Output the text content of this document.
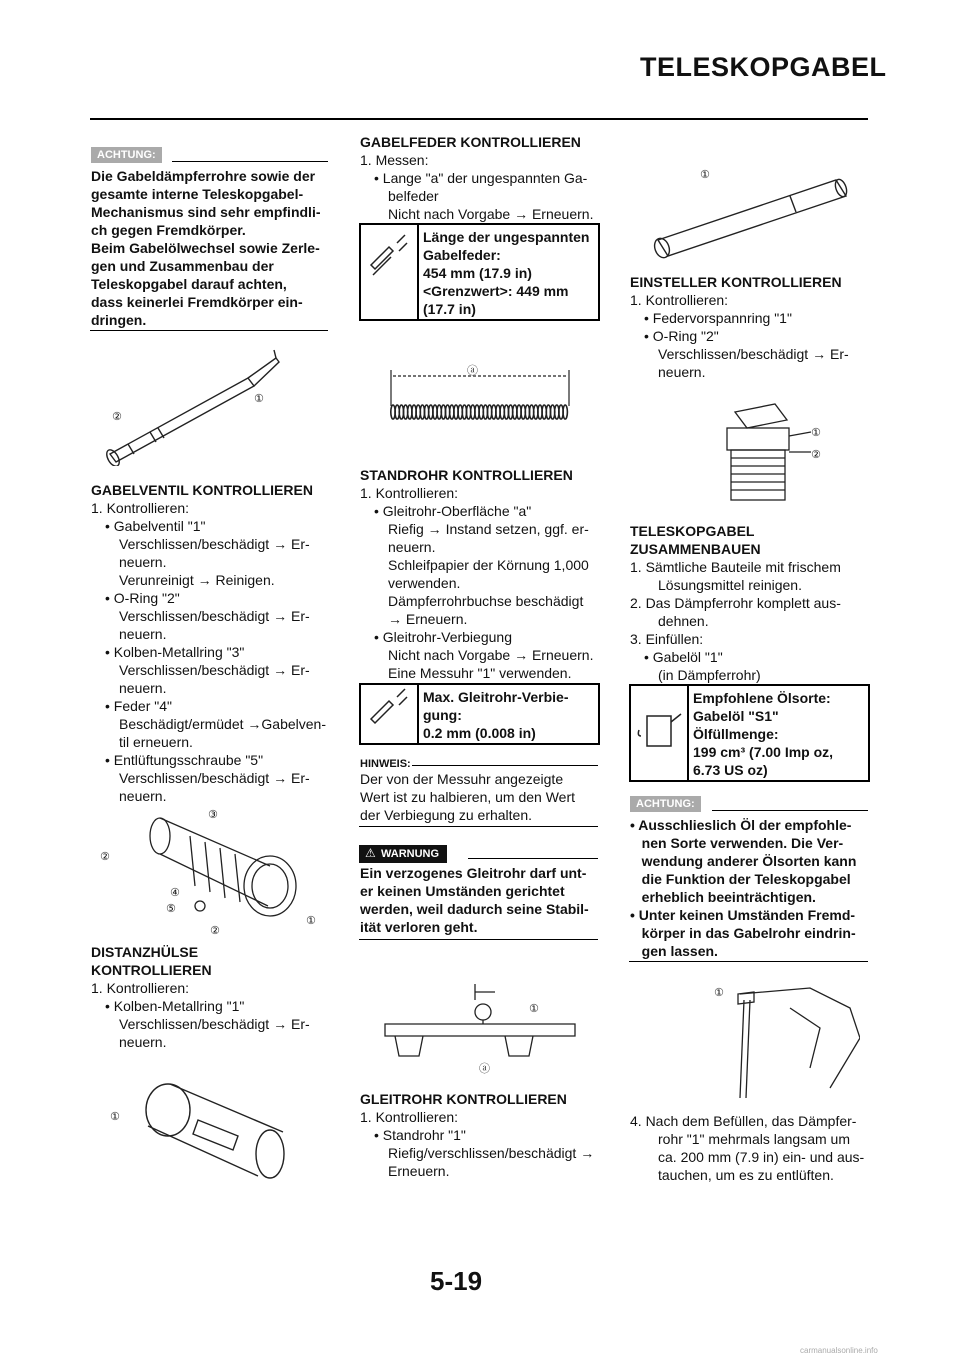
TELESKOPGABEL
ACHTUNG:
Die Gabeldämpferrohre sowie der
gesamte interne Teleskopgabel-
Mechanismus sind sehr empfindli-
ch gegen Fremdkörper.
Beim Gabelölwechsel sowie Zerle-
gen und Zusammenbau der
Teleskopgabel darauf achten,
dass keinerlei Fremdkörper ein-
dringen.
②
①
GABELVENTIL KONTROLLIEREN
1. Kontrollieren:
• Gabelventil "1"
Verschlissen/beschädigt → Er-
neuern.
Verunreinigt → Reinigen.
• O-Ring "2"
Verschlissen/beschädigt → Er-
neuern.
• Kolben-Metallring "3"
Verschlissen/beschädigt → Er-
neuern.
• Feder "4"
Beschädigt/ermüdet →Gabelven-
til erneuern.
• Entlüftungsschraube "5"
Verschlissen/beschädigt → Er-
neuern.
③
②
④
⑤
②
①
DISTANZHÜLSE
KONTROLLIEREN
1. Kontrollieren:
• Kolben-Metallring "1"
Verschlissen/beschädigt → Er-
neuern.
①
GABELFEDER KONTROLLIEREN
1. Messen:
• Lange "a" der ungespannten Ga-
belfeder
Nicht nach Vorgabe → Erneuern.
Länge der ungespannten
Gabelfeder:
454 mm (17.9 in)
<Grenzwert>: 449 mm
(17.7 in)
ⓐ
STANDROHR KONTROLLIEREN
1. Kontrollieren:
• Gleitrohr-Oberfläche "a"
Riefig → Instand setzen, ggf. er-
neuern.
Schleifpapier der Körnung 1,000
verwenden.
Dämpferrohrbuchse beschädigt
→ Erneuern.
• Gleitrohr-Verbiegung
Nicht nach Vorgabe → Erneuern.
Eine Messuhr "1" verwenden.
Max. Gleitrohr-Verbie-
gung:
0.2 mm (0.008 in)
HINWEIS:
Der von der Messuhr angezeigte
Wert ist zu halbieren, um den Wert
der Verbiegung zu erhalten.
⚠ WARNUNG
Ein verzogenes Gleitrohr darf unt-
er keinen Umständen gerichtet
werden, weil dadurch seine Stabil-
ität verloren geht.
①
ⓐ
GLEITROHR KONTROLLIEREN
1. Kontrollieren:
• Standrohr "1"
Riefig/verschlissen/beschädigt →
Erneuern.
①
EINSTELLER KONTROLLIEREN
1. Kontrollieren:
• Federvorspannring "1"
• O-Ring "2"
Verschlissen/beschädigt → Er-
neuern.
①
②
TELESKOPGABEL
ZUSAMMENBAUEN
1. Sämtliche Bauteile mit frischem
Lösungsmittel reinigen.
2. Das Dämpferrohr komplett aus-
dehnen.
3. Einfüllen:
• Gabelöl "1"
(in Dämpferrohr)
Empfohlene Ölsorte:
Gabelöl "S1"
Ölfüllmenge:
199 cm³ (7.00 Imp oz,
6.73 US oz)
ACHTUNG:
• Ausschlieslich Öl der empfohle-
nen Sorte verwenden. Die Ver-
wendung anderer Ölsorten kann
die Funktion der Teleskopgabel
erheblich beeinträchtigen.
• Unter keinen Umständen Fremd-
körper in das Gabelrohr eindrin-
gen lassen.
①
4. Nach dem Befüllen, das Dämpfer-
rohr "1" mehrmals langsam um
ca. 200 mm (7.9 in) ein- und aus-
tauchen, um es zu entlüften.
5-19
carmanualsonline.info
